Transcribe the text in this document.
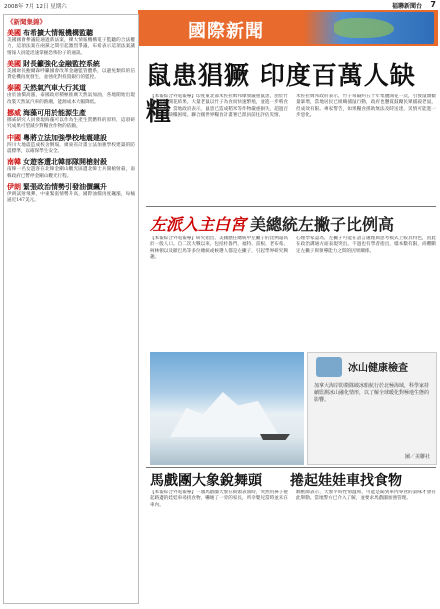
2008年 7月 12日 星期六	福聯新聞台 7
國際新聞
《新聞集錦》
美國 布希擴大情報機構監聽
美國國會參議院通過新法案，擴大情報機構電子監聽的合法權力，這項法案在兩黨之間引起激烈爭議，布希表示這項法案讓情報人員能迅速掌握恐怖份子的通訊。
美國 財長籲強化金融監控系統
美國財長鮑爾森呼籲國會改革金融監管體系，以避免類似的信貸危機再度發生，並強化對投資銀行的監控。
泰國 天然氣汽車大行其道
由於油價高漲，泰國政府積極推廣天然氣加油，各地開始出現改裝天然氣汽車的熱潮，能源成本大幅降低。
挪威 海藻可用於能源生產
挪威研究人員發現海藻可以作為生產生質燃料的原料，這項研究成果可望減少對糧食作物的依賴。
中國 粵將立法加強學校地震建設
四川大地震造成校舍倒塌，廣東省計畫立法加強學校建築的防震標準，以確保學生安全。
南韓 女遊客遭北韓部隊開槍射殺
南韓一名女遊客在北韓金剛山觀光區遭北韓士兵開槍射殺，南韓政府已暫停金剛山觀光行程。
伊朗 緊張政治情勢引發油價飆升
伊朗試射飛彈，中東緊張情勢升高，國際油價再度飆漲，每桶逼近147美元。
鼠患猖獗 印度百萬人缺糧
【本報綜合外電報導】印度東北部米佐拉姆邦爆發嚴重鼠患，由於竹林大規模開花結果，大量老鼠以竹子為食而快速繁殖，並進一步啃食農田作物。當地政府表示，鼠患已造成稻米等作物嚴重損失，超過百萬人面臨缺糧困境。聯合國世界糧食計畫署已派員前往評估災情。
米佐拉姆邦政府表示，竹子每隔約五十年集體開花一次，引發鼠類數量暴增，當地居民已組織捕鼠行動，政府也懸賞鼓勵民眾捕殺老鼠，但成效有限。專家警告，如果糧食援助無法及時送達，災情可能進一步惡化。
左派入主白宮 美總統左撇子比例高
【本報綜合外電報導】研究指出，美國歷任總統中左撇子的比例遠高於一般人口。自二次大戰以來，包括杜魯門、福特、雷根、老布希、柯林頓以及歐巴馬等多位總統或候選人都是左撇子，引起學界研究興趣。
心理學家認為，左撇子可能在語言處理與思考模式上較具特色，因此在政治溝通方面表現突出。不過也有學者指出，樣本數有限，尚難斷定左撇子與領導能力之間的因果關係。
冰山健康檢查
加拿大海岸防衛隊破冰船航行於北極海域，科學家持續監測冰山融化情形，以了解全球暖化對極地生態的影響。
圖／美聯社
馬戲團大象銳舞頭 捲起娃娃車找食物
【本報綜合外電報導】一頭馬戲團大象在街頭表演時，突然用鼻子捲起路邊的娃娃車尋找食物，嚇壞了一旁的家長，所幸嬰兒當時並未在車內。
馴獸師表示，大象平時性情溫和，可能是聞到車內零食的氣味才會有此舉動。當地警方已介入了解，並要求馬戲團加強管理。
